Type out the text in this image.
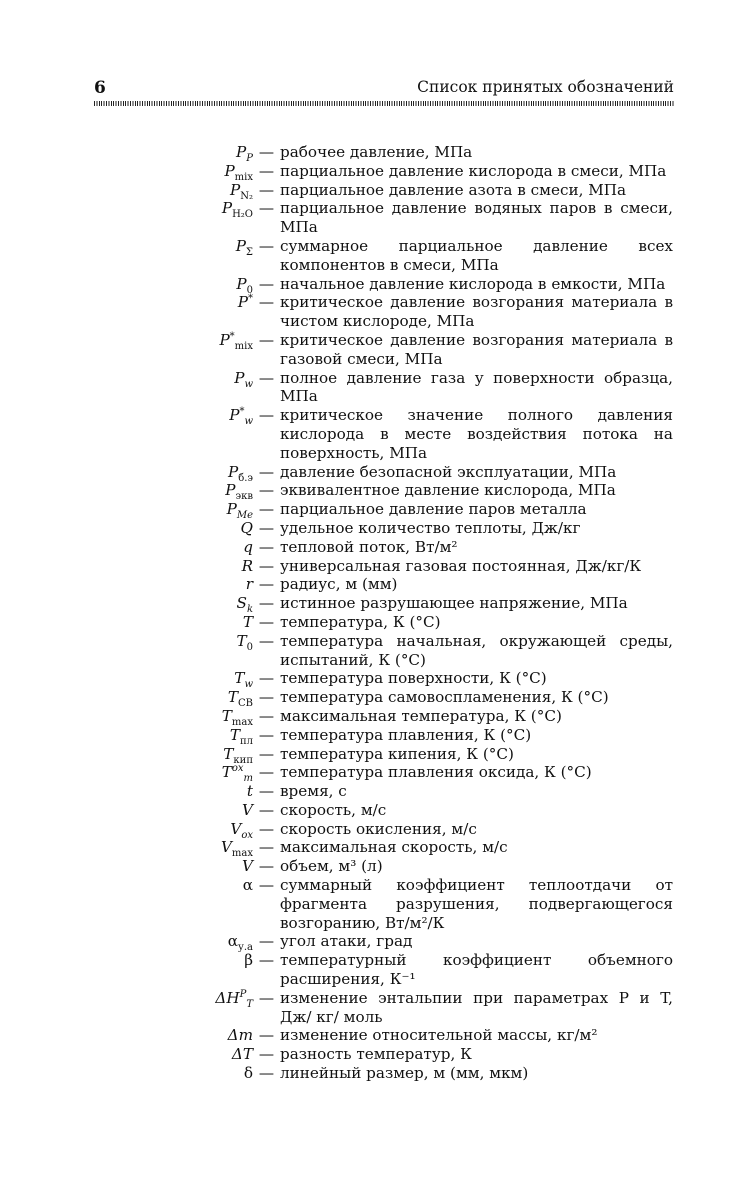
6	Список принятых обозначений
$P_P$ — рабочее давление, МПа
$P_{mix}$ — парциальное давление кислорода в смеси, МПа
$P_{N_2}$ — парциальное давление азота в смеси, МПа
$P_{H_2O}$ — парциальное давление водяных паров в смеси, МПа
$P_\Sigma$ — суммарное парциальное давление всех компонентов в смеси, МПа
$P_0$ — начальное давление кислорода в емкости, МПа
P* — критическое давление возгорания материала в чистом кислороде, МПа
$P^*_{mix}$ — критическое давление возгорания материала в газовой смеси, МПа
$P_w$ — полное давление газа у поверхности образца, МПа
$P^*_w$ — критическое значение полного давления кислорода в месте воздействия потока на поверхность, МПа
$P_{б.э}$ — давление безопасной эксплуатации, МПа
$P_{экв}$ — эквивалентное давление кислорода, МПа
$P_{Me}$ — парциальное давление паров металла
Q — удельное количество теплоты, Дж/кг
q — тепловой поток, Вт/м²
R — универсальная газовая постоянная, Дж/кг/К
r — радиус, м (мм)
$S_k$ — истинное разрушающее напряжение, МПа
T — температура, К (°С)
$T_0$ — температура начальная, окружающей среды, испытаний, К (°С)
$T_w$ — температура поверхности, К (°С)
$T_{СВ}$ — температура самовоспламенения, К (°С)
$T_{max}$ — максимальная температура, К (°С)
$T_{пл}$ — температура плавления, К (°С)
$T_{кип}$ — температура кипения, К (°С)
$T^{ox}_m$ — температура плавления оксида, К (°С)
t — время, с
V — скорость, м/с
$V_{ox}$ — скорость окисления, м/с
$V_{max}$ — максимальная скорость, м/с
V — объем, м³ (л)
α — суммарный коэффициент теплоотдачи от фрагмента разрушения, подвергающегося возгоранию, Вт/м²/К
$\alpha_{у.а}$ — угол атаки, град
β — температурный коэффициент объемного расширения, К⁻¹
$\Delta H^P_T$ — изменение энтальпии при параметрах P и T, Дж/ кг/ моль
Δm — изменение относительной массы, кг/м²
ΔT — разность температур, К
δ — линейный размер, м (мм, мкм)
